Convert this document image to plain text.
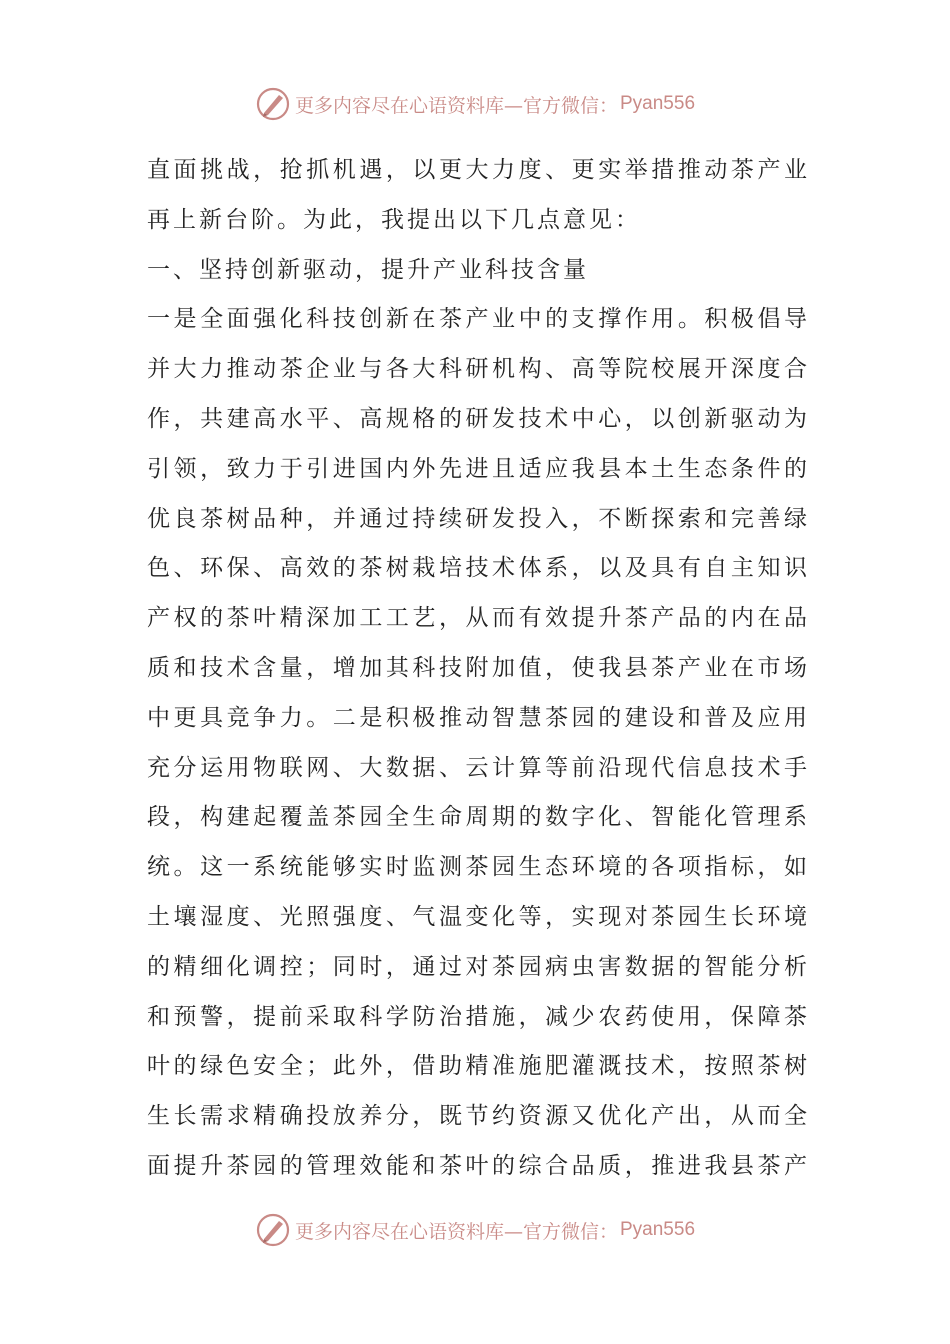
更多内容尽在心语资料库—官方微信： Pyan556
直面挑战，抢抓机遇，以更大力度、更实举措推动茶产业
再上新台阶。为此，我提出以下几点意见：
一、坚持创新驱动，提升产业科技含量
一是全面强化科技创新在茶产业中的支撑作用。积极倡导
并大力推动茶企业与各大科研机构、高等院校展开深度合
作，共建高水平、高规格的研发技术中心，以创新驱动为
引领，致力于引进国内外先进且适应我县本土生态条件的
优良茶树品种，并通过持续研发投入，不断探索和完善绿
色、环保、高效的茶树栽培技术体系，以及具有自主知识
产权的茶叶精深加工工艺，从而有效提升茶产品的内在品
质和技术含量，增加其科技附加值，使我县茶产业在市场
中更具竞争力。二是积极推动智慧茶园的建设和普及应用
充分运用物联网、大数据、云计算等前沿现代信息技术手
段，构建起覆盖茶园全生命周期的数字化、智能化管理系
统。这一系统能够实时监测茶园生态环境的各项指标，如
土壤湿度、光照强度、气温变化等，实现对茶园生长环境
的精细化调控；同时，通过对茶园病虫害数据的智能分析
和预警，提前采取科学防治措施，减少农药使用，保障茶
叶的绿色安全；此外，借助精准施肥灌溉技术，按照茶树
生长需求精确投放养分，既节约资源又优化产出，从而全
面提升茶园的管理效能和茶叶的综合品质，推进我县茶产
更多内容尽在心语资料库—官方微信： Pyan556
